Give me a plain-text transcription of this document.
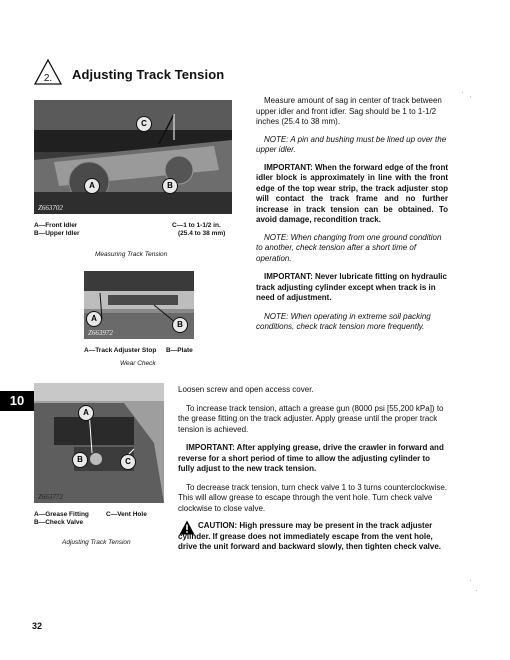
2. Adjusting Track Tension
C
A	B
Z663702
A—Front Idler
B—Upper Idler
C—1 to 1-1/2 in.
(25.4 to 38 mm)
Measuring Track Tension
A
B
Z663972
A—Track Adjuster Stop B—Plate
Wear Check
A
B	C
Z663772
A—Grease Fitting
B—Check Valve
C—Vent Hole
Adjusting Track Tension
Measure amount of sag in center of track between upper idler and front idler. Sag should be 1 to 1-1/2 inches (25.4 to 38 mm).
NOTE: A pin and bushing must be lined up over the upper idler.
IMPORTANT: When the forward edge of the front idler block is approximately in line with the front edge of the top wear strip, the track adjuster stop will contact the track frame and no further increase in track tension can be obtained. To avoid damage, recondition track.
NOTE: When changing from one ground condition to another, check tension after a short time of operation.
IMPORTANT: Never lubricate fitting on hydraulic track adjusting cylinder except when track is in need of adjustment.
NOTE: When operating in extreme soil packing conditions, check track tension more frequently.
Loosen screw and open access cover.
To increase track tension, attach a grease gun (8000 psi [55,200 kPa]) to the grease fitting on the track adjuster. Apply grease until the proper track tension is achieved.
IMPORTANT: After applying grease, drive the crawler in forward and reverse for a short period of time to allow the adjusting cylinder to fully adjust to the new track tension.
To decrease track tension, turn check valve 1 to 3 turns counterclockwise. This will allow grease to escape through the vent hole. Turn check valve clockwise to close valve.
CAUTION: High pressure may be present in the track adjuster cylinder. If grease does not immediately escape from the vent hole, drive the unit forward and backward slowly, then tighten check valve.
10
32
